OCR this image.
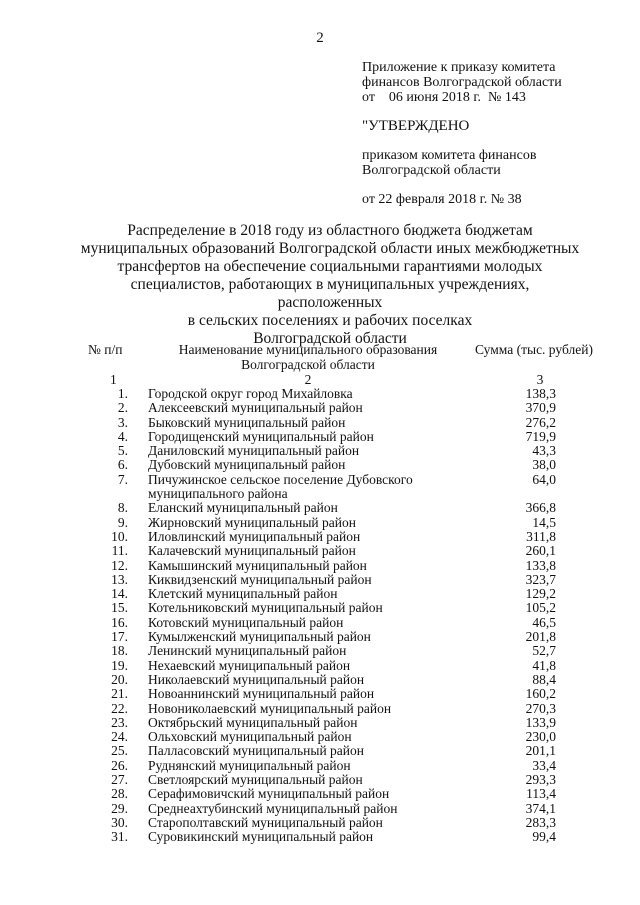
2
Приложение к приказу комитета
финансов Волгоградской области
от    06 июня 2018 г.  № 143
"УТВЕРЖДЕНО
приказом комитета финансов
Волгоградской области
от 22 февраля 2018 г. № 38
Распределение в 2018 году из областного бюджета бюджетам
муниципальных образований Волгоградской области иных межбюджетных
трансфертов на обеспечение социальными гарантиями молодых
специалистов, работающих в муниципальных учреждениях, расположенных
в сельских поселениях и рабочих поселках
Волгоградской области
№ п/п	Наименование муниципального образования
Волгоградской области
Сумма (тыс. рублей)
1	2	3
1. Городской округ город Михайловка	138,3
2. Алексеевский муниципальный район	370,9
3. Быковский муниципальный район	276,2
4. Городищенский муниципальный район	719,9
5. Даниловский муниципальный район	43,3
6. Дубовский муниципальный район	38,0
7. Пичужинское сельское поселение Дубовского муниципального района
64,0
8. Еланский муниципальный район	366,8
9. Жирновский муниципальный район	14,5
10. Иловлинский муниципальный район	311,8
11. Калачевский муниципальный район	260,1
12. Камышинский муниципальный район	133,8
13. Киквидзенский муниципальный район	323,7
14. Клетский муниципальный район	129,2
15. Котельниковский муниципальный район	105,2
16. Котовский муниципальный район	46,5
17. Кумылженский муниципальный район	201,8
18. Ленинский муниципальный район	52,7
19. Нехаевский муниципальный район	41,8
20. Николаевский муниципальный район	88,4
21. Новоаннинский муниципальный район	160,2
22. Новониколаевский муниципальный район	270,3
23. Октябрьский муниципальный район	133,9
24. Ольховский муниципальный район	230,0
25. Палласовский муниципальный район	201,1
26. Руднянский муниципальный район	33,4
27. Светлоярский муниципальный район	293,3
28. Серафимовичский муниципальный район	113,4
29. Среднеахтубинский муниципальный район	374,1
30. Старополтавский муниципальный район	283,3
31. Суровикинский муниципальный район	99,4
